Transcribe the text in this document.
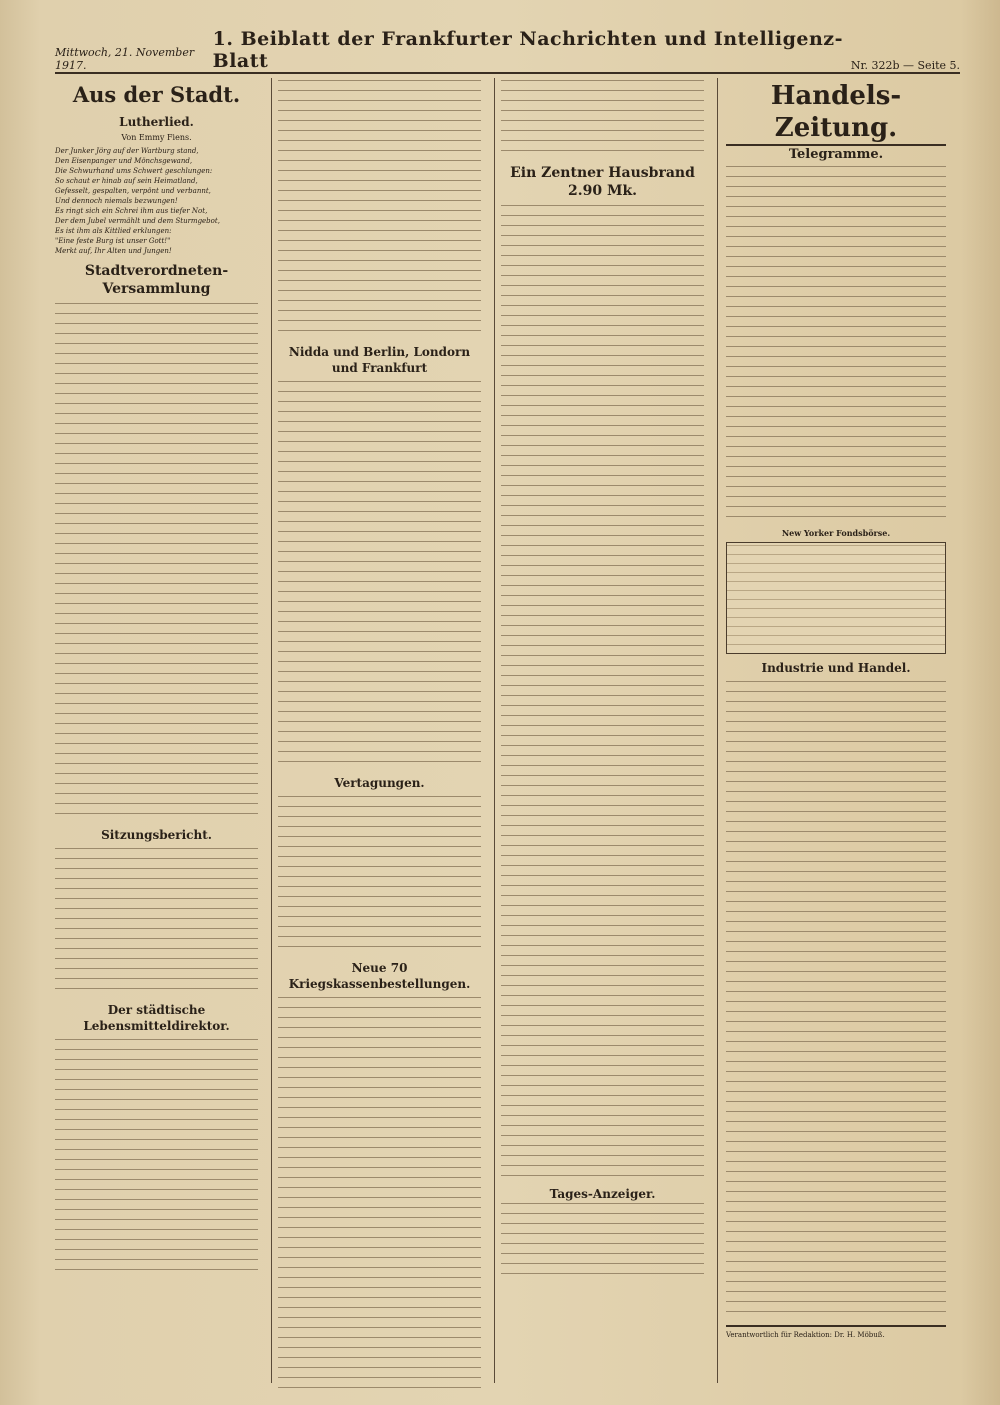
Mittwoch, 21. November 1917.
1. Beiblatt der Frankfurter Nachrichten und Intelligenz-Blatt	Nr. 322b — Seite 5.
Aus der Stadt.
Lutherlied.
Von Emmy Fiens.
Der Junker Jörg auf der Wartburg stand,
Den Eisenpanger und Mönchsgewand,
Die Schwurhand ums Schwert geschlungen:
So schaut er hinab auf sein Heimatland,
Gefesselt, gespalten, verpönt und verbannt,
Und dennoch niemals bezwungen!
Es ringt sich ein Schrei ihm aus tiefer Not,
Der dem Jubel vermählt und dem Sturmgebot,
Es ist ihm als Kittlied erklungen:
"Eine feste Burg ist unser Gott!"
Merkt auf, Ihr Alten und Jungen!
Stadtverordneten-Versammlung
Sitzungsbericht.
Der städtische Lebensmitteldirektor.
Nidda und Berlin, Londorn und Frankfurt
Vertagungen.
Neue 70 Kriegskassenbestellungen.
Ein Zentner Hausbrand 2.90 Mk.
Tages-Anzeiger.
Handels-Zeitung.
Telegramme.
New Yorker Fondsbörse.
Industrie und Handel.
Verantwortlich für Redaktion: Dr. H. Möbuß.
